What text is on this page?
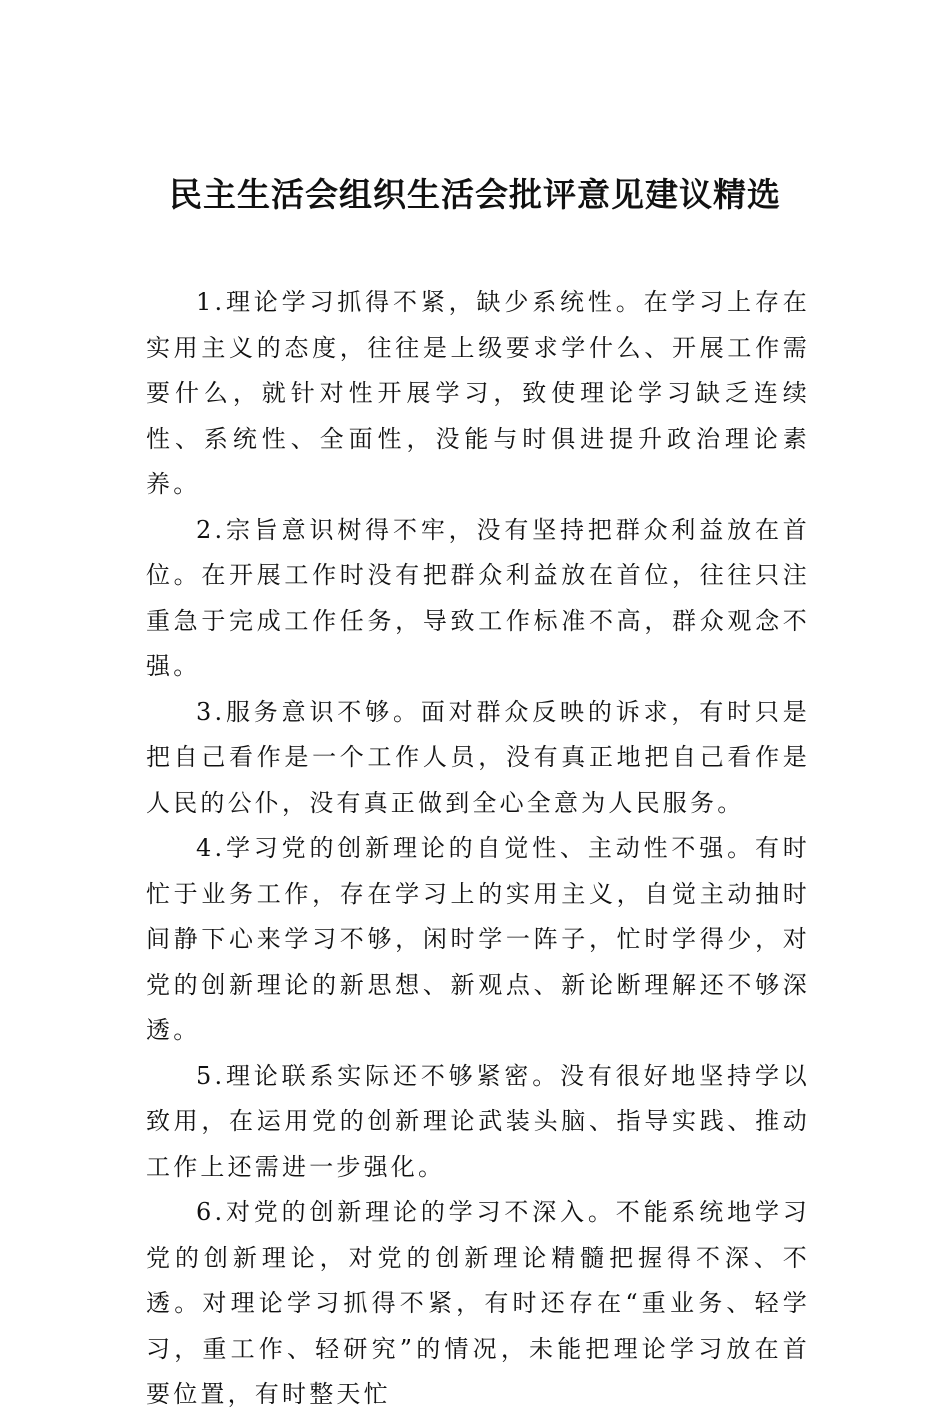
民主生活会组织生活会批评意见建议精选

1.理论学习抓得不紧，缺少系统性。在学习上存在实用主义的态度，往往是上级要求学什么、开展工作需要什么，就针对性开展学习，致使理论学习缺乏连续性、系统性、全面性，没能与时俱进提升政治理论素养。

2.宗旨意识树得不牢，没有坚持把群众利益放在首位。在开展工作时没有把群众利益放在首位，往往只注重急于完成工作任务，导致工作标准不高，群众观念不强。

3.服务意识不够。面对群众反映的诉求，有时只是把自己看作是一个工作人员，没有真正地把自己看作是人民的公仆，没有真正做到全心全意为人民服务。

4.学习党的创新理论的自觉性、主动性不强。有时忙于业务工作，存在学习上的实用主义，自觉主动抽时间静下心来学习不够，闲时学一阵子，忙时学得少，对党的创新理论的新思想、新观点、新论断理解还不够深透。

5.理论联系实际还不够紧密。没有很好地坚持学以致用，在运用党的创新理论武装头脑、指导实践、推动工作上还需进一步强化。

6.对党的创新理论的学习不深入。不能系统地学习党的创新理论，对党的创新理论精髓把握得不深、不透。对理论学习抓得不紧，有时还存在“重业务、轻学习，重工作、轻研究”的情况，未能把理论学习放在首要位置，有时整天忙
